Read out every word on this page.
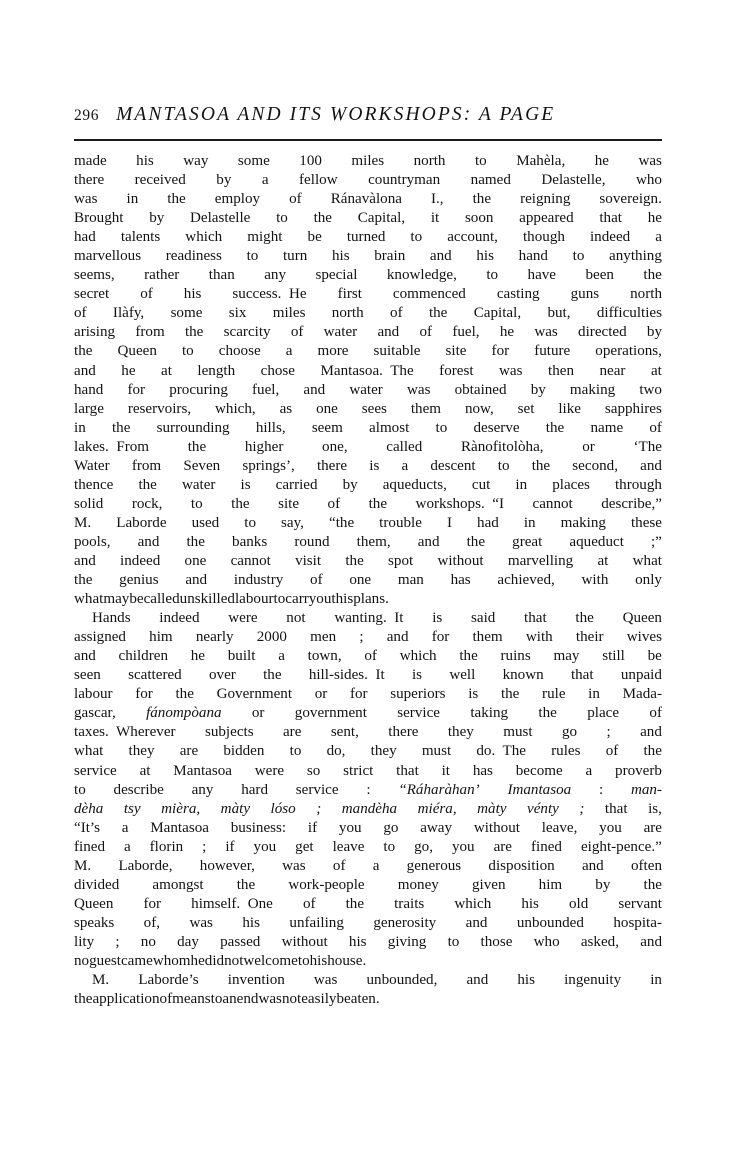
296 MANTASOA AND ITS WORKSHOPS: A PAGE
made his way some 100 miles north to Mahèla, he was
there received by a fellow countryman named Delastelle, who
was in the employ of Ránavàlona I., the reigning sovereign.
Brought by Delastelle to the Capital, it soon appeared that he
had talents which might be turned to account, though indeed a
marvellous readiness to turn his brain and his hand to anything
seems, rather than any special knowledge, to have been the
secret of his success.  He first commenced casting guns north
of Ilàfy, some six miles north of the Capital, but, difficulties
arising from the scarcity of water and of fuel, he was directed by
the Queen to choose a more suitable site for future operations,
and he at length chose Mantasoa.  The forest was then near at
hand for procuring fuel, and water was obtained by making two
large reservoirs, which, as one sees them now, set like sapphires
in the surrounding hills, seem almost to deserve the name of
lakes.  From	the	higher	one,	called	Rànofitolòha,	or	‘The
Water from Seven springs’, there is a descent to the second, and
thence the water is carried by aqueducts, cut in places through
solid rock, to the site of the workshops.  “I cannot describe,”
M. Laborde used to say, “the trouble I had in making these
pools, and the banks round them, and the great aqueduct ;”
and indeed one cannot visit the spot without marvelling at what
the genius and industry of one man has achieved, with only
what may be called unskilled labour to carry out his plans.
Hands indeed were not wanting.  It is said that the Queen
assigned him nearly 2000 men ; and for them with their wives
and children he built a town, of which the ruins may still be
seen scattered over the hill-sides.  It is well known that unpaid
labour for the Government or for superiors is the rule in Mada-
gascar, fánompòana or government service taking the place of
taxes.  Wherever subjects are sent, there they must go ; and
what they are bidden to do, they must do.  The rules of the
service at Mantasoa were so strict that it has become a proverb
to describe any hard service : “Ráharàhan’ Imantasoa : man-
dèha tsy mièra, màty lóso ; mandèha miéra, màty vénty ; that is,
“It’s a Mantasoa business: if you go away without leave, you are
fined a florin ; if you get leave to go, you are fined eight-pence.”
M. Laborde, however, was of a generous disposition and often
divided amongst the work-people money given him by the
Queen for himself.  One of the traits which his old servant
speaks of, was his unfailing generosity and unbounded hospita-
lity ; no day passed without his giving to those who asked, and
no guest came whom he did not welcome to his house.
M. Laborde’s invention was unbounded, and his ingenuity in
the application of means to an end was not easily beaten.
